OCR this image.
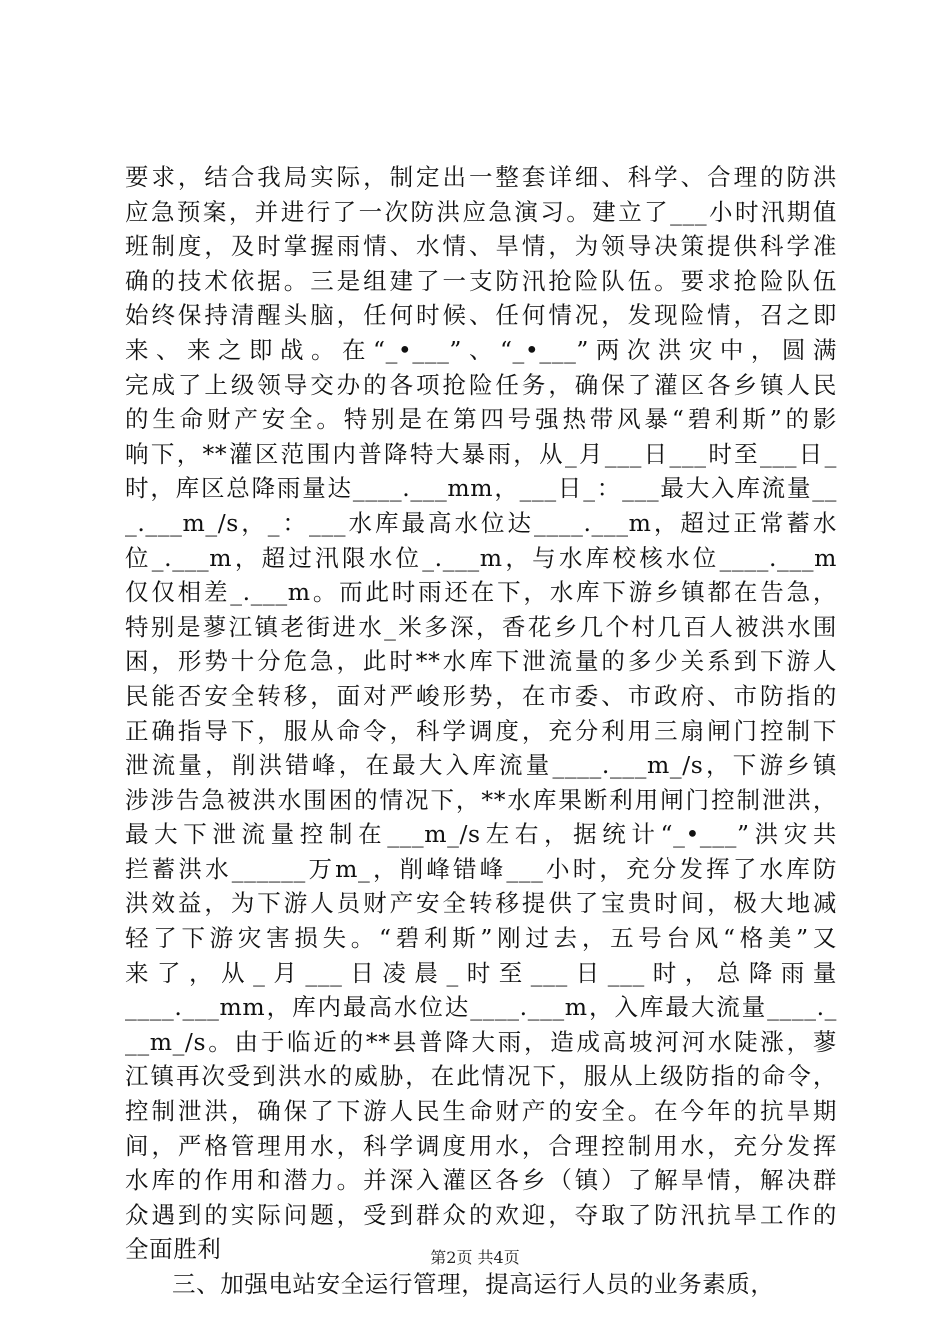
要求，结合我局实际，制定出一整套详细、科学、合理的防洪
应急预案，并进行了一次防洪应急演习。建立了___小时汛期值
班制度，及时掌握雨情、水情、旱情，为领导决策提供科学准
确的技术依据。三是组建了一支防汛抢险队伍。要求抢险队伍
始终保持清醒头脑，任何时候、任何情况，发现险情，召之即
来、来之即战。在“_•___”、“_•___”两次洪灾中，圆满
完成了上级领导交办的各项抢险任务，确保了灌区各乡镇人民
的生命财产安全。特别是在第四号强热带风暴“碧利斯”的影
响下，**灌区范围内普降特大暴雨，从_月___日___时至___日_
时，库区总降雨量达____.___mm，___日_：___最大入库流量__
_.___m_/s，_：___水库最高水位达____.___m，超过正常蓄水
位_.___m，超过汛限水位_.___m，与水库校核水位____.___m
仅仅相差_.___m。而此时雨还在下，水库下游乡镇都在告急，
特别是蓼江镇老街进水_米多深，香花乡几个村几百人被洪水围
困，形势十分危急，此时**水库下泄流量的多少关系到下游人
民能否安全转移，面对严峻形势，在市委、市政府、市防指的
正确指导下，服从命令，科学调度，充分利用三扇闸门控制下
泄流量，削洪错峰，在最大入库流量____.___m_/s，下游乡镇
涉涉告急被洪水围困的情况下，**水库果断利用闸门控制泄洪，
最大下泄流量控制在___m_/s左右，据统计“_•___”洪灾共
拦蓄洪水______万m_，削峰错峰___小时，充分发挥了水库防
洪效益，为下游人员财产安全转移提供了宝贵时间，极大地减
轻了下游灾害损失。“碧利斯”刚过去，五号台风“格美”又
来了，从_月___日凌晨_时至___日___时，总降雨量
____.___mm，库内最高水位达____.___m，入库最大流量____._
__m_/s。由于临近的**县普降大雨，造成高坡河河水陡涨，蓼
江镇再次受到洪水的威胁，在此情况下，服从上级防指的命令，
控制泄洪，确保了下游人民生命财产的安全。在今年的抗旱期
间，严格管理用水，科学调度用水，合理控制用水，充分发挥
水库的作用和潜力。并深入灌区各乡（镇）了解旱情，解决群
众遇到的实际问题，受到群众的欢迎，夺取了防汛抗旱工作的
全面胜利
三、加强电站安全运行管理，提高运行人员的业务素质，
第2页 共4页
